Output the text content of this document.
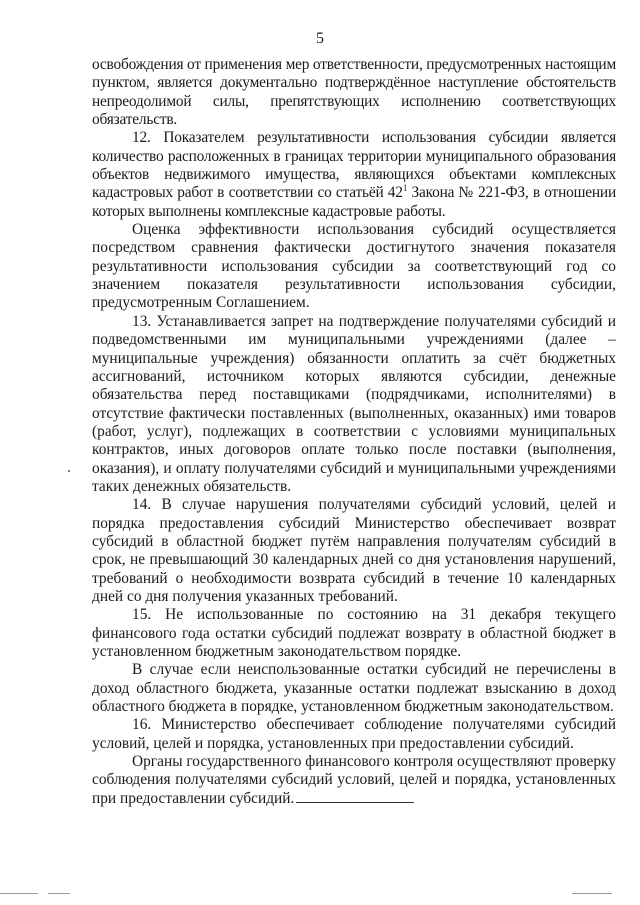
5

освобождения от применения мер ответственности, предусмотренных настоящим пунктом, является документально подтверждённое наступление обстоятельств непреодолимой силы, препятствующих исполнению соответствующих обязательств.

12. Показателем результативности использования субсидии является количество расположенных в границах территории муниципального образования объектов недвижимого имущества, являющихся объектами комплексных кадастровых работ в соответствии со статьёй $42^1$ Закона № 221-ФЗ, в отношении которых выполнены комплексные кадастровые работы.

Оценка эффективности использования субсидий осуществляется посредством сравнения фактически достигнутого значения показателя результативности использования субсидии за соответствующий год со значением показателя результативности использования субсидии, предусмотренным Соглашением.

13. Устанавливается запрет на подтверждение получателями субсидий и подведомственными им муниципальными учреждениями (далее – муниципальные учреждения) обязанности оплатить за счёт бюджетных ассигнований, источником которых являются субсидии, денежные обязательства перед поставщиками (подрядчиками, исполнителями) в отсутствие фактически поставленных (выполненных, оказанных) ими товаров (работ, услуг), подлежащих в соответствии с условиями муниципальных контрактов, иных договоров оплате только после поставки (выполнения, оказания), и оплату получателями субсидий и муниципальными учреждениями таких денежных обязательств.

14. В случае нарушения получателями субсидий условий, целей и порядка предоставления субсидий Министерство обеспечивает возврат субсидий в областной бюджет путём направления получателям субсидий в срок, не превышающий 30 календарных дней со дня установления нарушений, требований о необходимости возврата субсидий в течение 10 календарных дней со дня получения указанных требований.

15. Не использованные по состоянию на 31 декабря текущего финансового года остатки субсидий подлежат возврату в областной бюджет в установленном бюджетным законодательством порядке.

В случае если неиспользованные остатки субсидий не перечислены в доход областного бюджета, указанные остатки подлежат взысканию в доход областного бюджета в порядке, установленном бюджетным законодательством.

16. Министерство обеспечивает соблюдение получателями субсидий условий, целей и порядка, установленных при предоставлении субсидий.

Органы государственного финансового контроля осуществляют проверку соблюдения получателями субсидий условий, целей и порядка, установленных при предоставлении субсидий.
